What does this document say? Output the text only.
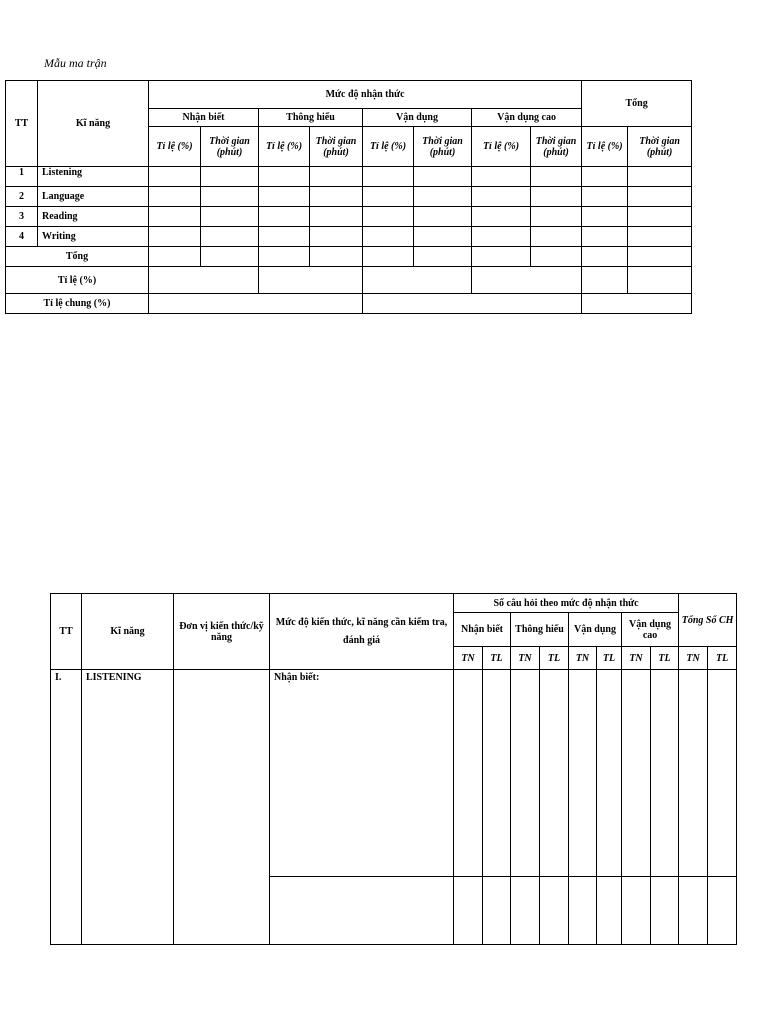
Mẫu ma trận
TT	Kĩ năng	Mức độ nhận thức								Tổng	
		Nhận biết		Thông hiểu		Vận dụng		Vận dụng cao			
		Tỉ lệ (%)	Thời gian (phút)	Tỉ lệ (%)	Thời gian (phút)	Tỉ lệ (%)	Thời gian (phút)	Tỉ lệ (%)	Thời gian (phút)	Tỉ lệ (%)	Thời gian (phút)
1	Listening										
2	Language										
3	Reading										
4	Writing										
Tổng											
Tỉ lệ (%)											
Tỉ lệ chung (%)											
TT	Kĩ năng	Đơn vị kiến thức/kỹ năng	Mức độ kiến thức, kĩ năng cần kiểm tra, đánh giá	Số câu hỏi theo mức độ nhận thức								Tổng Số CH	
				Nhận biết		Thông hiểu		Vận dụng		Vận dụng cao			
				TN	TL	TN	TL	TN	TL	TN	TL	TN	TL
I.	LISTENING		Nhận biết:										
